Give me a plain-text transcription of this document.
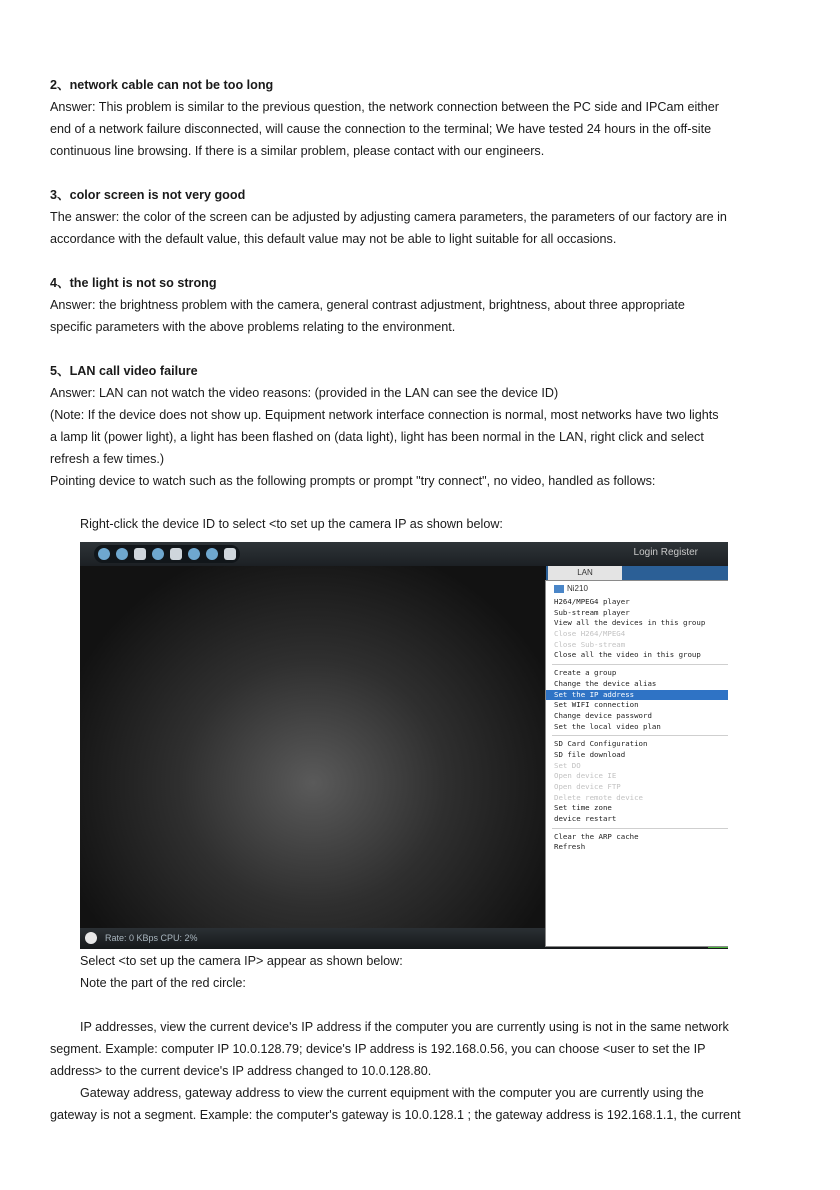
2、network cable can not be too long

Answer: This problem is similar to the previous question, the network connection between the PC side and IPCam either

end of a network failure disconnected, will cause the connection to the terminal; We have tested 24 hours in the off-site

continuous line browsing. If there is a similar problem, please contact with our engineers.

3、color screen is not very good

The answer: the color of the screen can be adjusted by adjusting camera parameters, the parameters of our factory are in

accordance with the default value, this default value may not be able to light suitable for all occasions.

4、the light is not so strong

Answer: the brightness problem with the camera, general contrast adjustment, brightness, about three appropriate

specific parameters with the above problems relating to the environment.

5、LAN call video failure

Answer: LAN can not watch the video reasons: (provided in the LAN can see the device ID)

(Note: If the device does not show up. Equipment network interface connection is normal, most networks have two lights

a lamp lit (power light), a light has been flashed on (data light), light has been normal in the LAN, right click and select

refresh a few times.)

Pointing device to watch such as the following prompts or prompt "try connect", no video, handled as follows:

Right-click the device ID to select <to set up the camera IP as shown below:

Select <to set up the camera IP> appear as shown below:

Note the part of the red circle:

IP addresses, view the current device's IP address if the computer you are currently using is not in the same network

segment. Example: computer IP 10.0.128.79; device's IP address is 192.168.0.56, you can choose <user to set the IP

address> to the current device's IP address changed to 10.0.128.80.

Gateway address, gateway address to view the current equipment with the computer you are currently using the

gateway is not a segment. Example: the computer's gateway is 10.0.128.1 ; the gateway address is 192.168.1.1, the current

Login Register
LAN
Rate: 0 KBps CPU: 2%
Ni210
H264/MPEG4 player
Sub-stream player
View all the devices in this group
Close H264/MPEG4
Close Sub-stream
Close all the video in this group
Create a group
Change the device alias
Set the IP address
Set WIFI connection
Change device password
Set the local video plan
SD Card Configuration
SD file download
Set DO
Open device IE
Open device FTP
Delete remote device
Set time zone
device restart
Clear the ARP cache
Refresh
